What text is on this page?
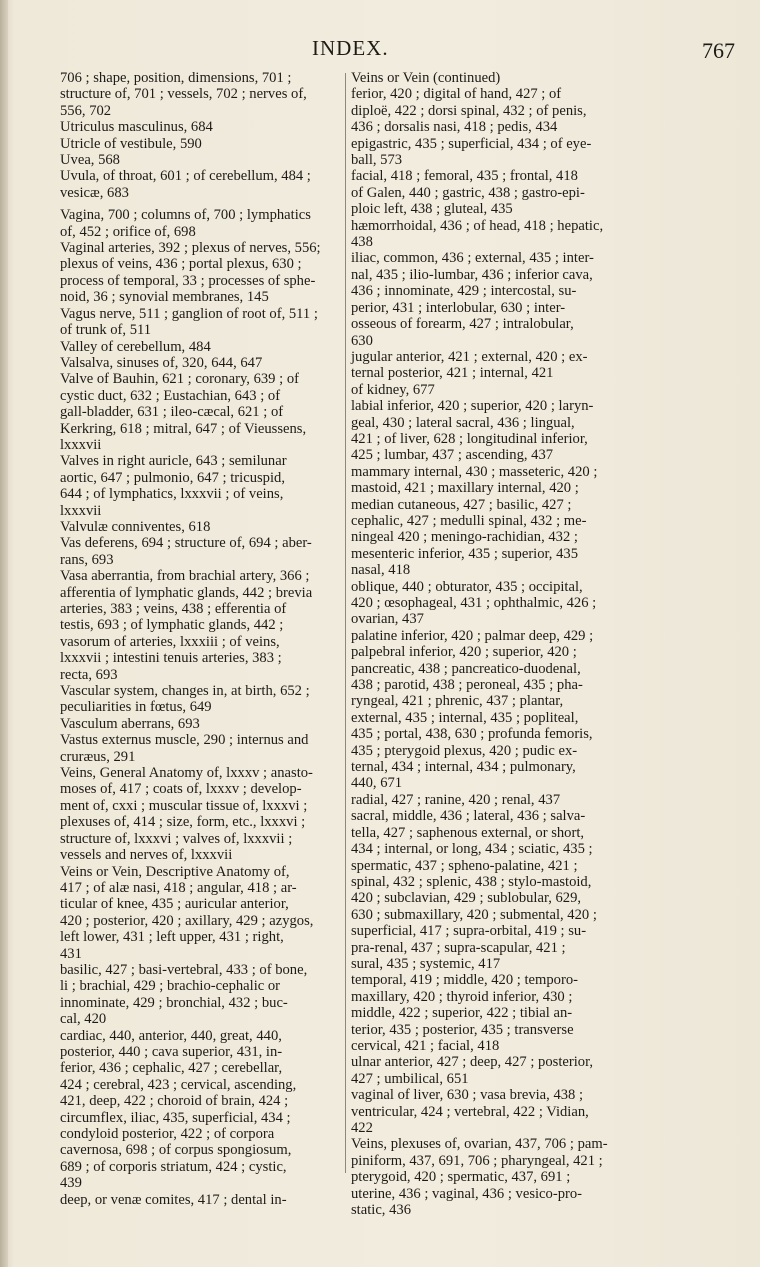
INDEX.	767
706 ; shape, position, dimensions, 701 ;
structure of, 701 ; vessels, 702 ; nerves of,
556, 702
Utriculus masculinus, 684
Utricle of vestibule, 590
Uvea, 568
Uvula, of throat, 601 ; of cerebellum, 484 ;
vesicæ, 683
Vagina, 700 ; columns of, 700 ; lymphatics
of, 452 ; orifice of, 698
Vaginal arteries, 392 ; plexus of nerves, 556;
plexus of veins, 436 ; portal plexus, 630 ;
process of temporal, 33 ; processes of sphe-
noid, 36 ; synovial membranes, 145
Vagus nerve, 511 ; ganglion of root of, 511 ;
of trunk of, 511
Valley of cerebellum, 484
Valsalva, sinuses of, 320, 644, 647
Valve of Bauhin, 621 ; coronary, 639 ; of
cystic duct, 632 ; Eustachian, 643 ; of
gall-bladder, 631 ; ileo-cæcal, 621 ; of
Kerkring, 618 ; mitral, 647 ; of Vieussens,
lxxxvii
Valves in right auricle, 643 ; semilunar
aortic, 647 ; pulmonio, 647 ; tricuspid,
644 ; of lymphatics, lxxxvii ; of veins,
lxxxvii
Valvulæ conniventes, 618
Vas deferens, 694 ; structure of, 694 ; aber-
rans, 693
Vasa aberrantia, from brachial artery, 366 ;
afferentia of lymphatic glands, 442 ; brevia
arteries, 383 ; veins, 438 ; efferentia of
testis, 693 ; of lymphatic glands, 442 ;
vasorum of arteries, lxxxiii ; of veins,
lxxxvii ; intestini tenuis arteries, 383 ;
recta, 693
Vascular system, changes in, at birth, 652 ;
peculiarities in fœtus, 649
Vasculum aberrans, 693
Vastus externus muscle, 290 ; internus and
cruræus, 291
Veins, General Anatomy of, lxxxv ; anasto-
moses of, 417 ; coats of, lxxxv ; develop-
ment of, cxxi ; muscular tissue of, lxxxvi ;
plexuses of, 414 ; size, form, etc., lxxxvi ;
structure of, lxxxvi ; valves of, lxxxvii ;
vessels and nerves of, lxxxvii
Veins or Vein, Descriptive Anatomy of,
417 ; of alæ nasi, 418 ; angular, 418 ; ar-
ticular of knee, 435 ; auricular anterior,
420 ; posterior, 420 ; axillary, 429 ; azygos,
left lower, 431 ; left upper, 431 ; right,
431
basilic, 427 ; basi-vertebral, 433 ; of bone,
li ; brachial, 429 ; brachio-cephalic or
innominate, 429 ; bronchial, 432 ; buc-
cal, 420
cardiac, 440, anterior, 440, great, 440,
posterior, 440 ; cava superior, 431, in-
ferior, 436 ; cephalic, 427 ; cerebellar,
424 ; cerebral, 423 ; cervical, ascending,
421, deep, 422 ; choroid of brain, 424 ;
circumflex, iliac, 435, superficial, 434 ;
condyloid posterior, 422 ; of corpora
cavernosa, 698 ; of corpus spongiosum,
689 ; of corporis striatum, 424 ; cystic,
439
deep, or venæ comites, 417 ; dental in-
Veins or Vein (continued)
ferior, 420 ; digital of hand, 427 ; of
diploë, 422 ; dorsi spinal, 432 ; of penis,
436 ; dorsalis nasi, 418 ; pedis, 434
epigastric, 435 ; superficial, 434 ; of eye-
ball, 573
facial, 418 ; femoral, 435 ; frontal, 418
of Galen, 440 ; gastric, 438 ; gastro-epi-
ploic left, 438 ; gluteal, 435
hæmorrhoidal, 436 ; of head, 418 ; hepatic,
438
iliac, common, 436 ; external, 435 ; inter-
nal, 435 ; ilio-lumbar, 436 ; inferior cava,
436 ; innominate, 429 ; intercostal, su-
perior, 431 ; interlobular, 630 ; inter-
osseous of forearm, 427 ; intralobular,
630
jugular anterior, 421 ; external, 420 ; ex-
ternal posterior, 421 ; internal, 421
of kidney, 677
labial inferior, 420 ; superior, 420 ; laryn-
geal, 430 ; lateral sacral, 436 ; lingual,
421 ; of liver, 628 ; longitudinal inferior,
425 ; lumbar, 437 ; ascending, 437
mammary internal, 430 ; masseteric, 420 ;
mastoid, 421 ; maxillary internal, 420 ;
median cutaneous, 427 ; basilic, 427 ;
cephalic, 427 ; medulli spinal, 432 ; me-
ningeal 420 ; meningo-rachidian, 432 ;
mesenteric inferior, 435 ; superior, 435
nasal, 418
oblique, 440 ; obturator, 435 ; occipital,
420 ; œsophageal, 431 ; ophthalmic, 426 ;
ovarian, 437
palatine inferior, 420 ; palmar deep, 429 ;
palpebral inferior, 420 ; superior, 420 ;
pancreatic, 438 ; pancreatico-duodenal,
438 ; parotid, 438 ; peroneal, 435 ; pha-
ryngeal, 421 ; phrenic, 437 ; plantar,
external, 435 ; internal, 435 ; popliteal,
435 ; portal, 438, 630 ; profunda femoris,
435 ; pterygoid plexus, 420 ; pudic ex-
ternal, 434 ; internal, 434 ; pulmonary,
440, 671
radial, 427 ; ranine, 420 ; renal, 437
sacral, middle, 436 ; lateral, 436 ; salva-
tella, 427 ; saphenous external, or short,
434 ; internal, or long, 434 ; sciatic, 435 ;
spermatic, 437 ; spheno-palatine, 421 ;
spinal, 432 ; splenic, 438 ; stylo-mastoid,
420 ; subclavian, 429 ; sublobular, 629,
630 ; submaxillary, 420 ; submental, 420 ;
superficial, 417 ; supra-orbital, 419 ; su-
pra-renal, 437 ; supra-scapular, 421 ;
sural, 435 ; systemic, 417
temporal, 419 ; middle, 420 ; temporo-
maxillary, 420 ; thyroid inferior, 430 ;
middle, 422 ; superior, 422 ; tibial an-
terior, 435 ; posterior, 435 ; transverse
cervical, 421 ; facial, 418
ulnar anterior, 427 ; deep, 427 ; posterior,
427 ; umbilical, 651
vaginal of liver, 630 ; vasa brevia, 438 ;
ventricular, 424 ; vertebral, 422 ; Vidian,
422
Veins, plexuses of, ovarian, 437, 706 ; pam-
piniform, 437, 691, 706 ; pharyngeal, 421 ;
pterygoid, 420 ; spermatic, 437, 691 ;
uterine, 436 ; vaginal, 436 ; vesico-pro-
static, 436
